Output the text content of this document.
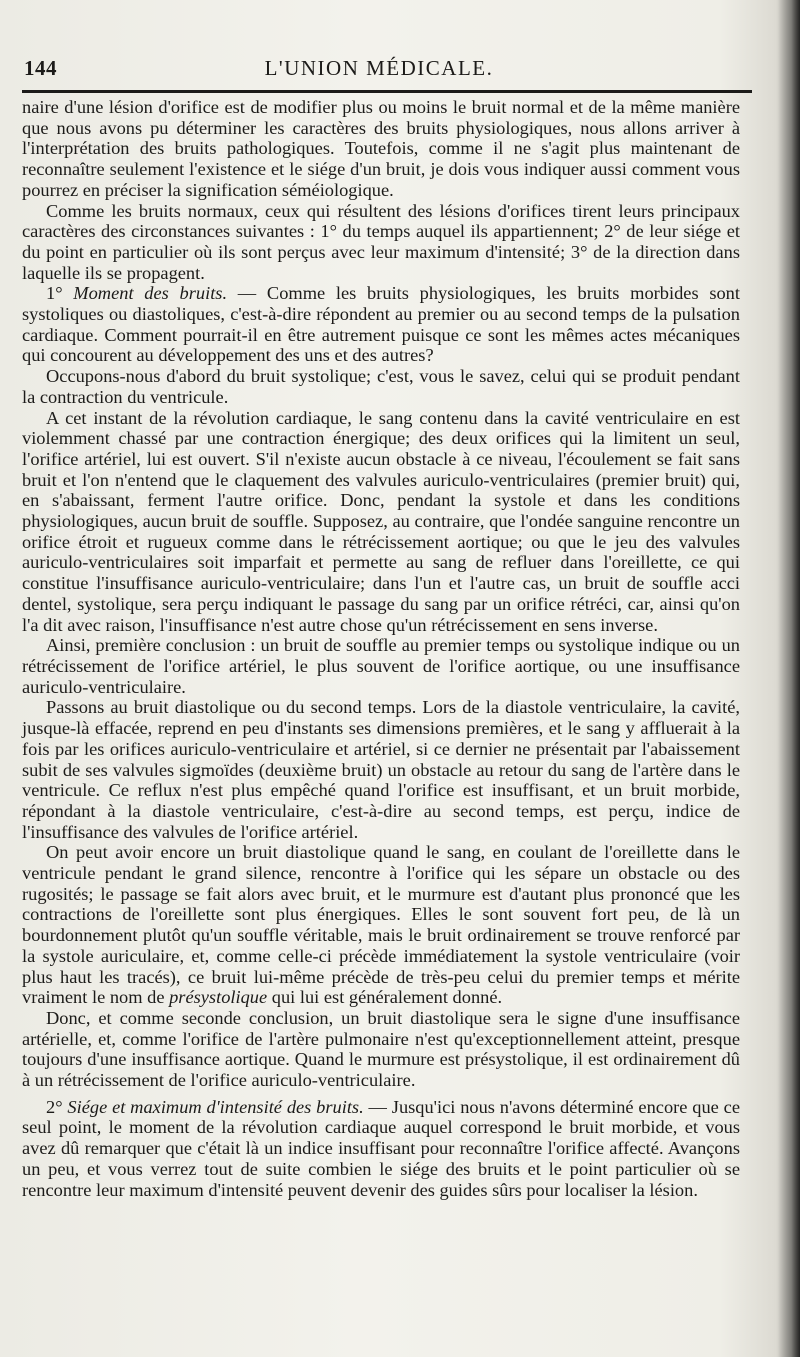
144	L'UNION MÉDICALE.

naire d'une lésion d'orifice est de modifier plus ou moins le bruit normal et de la même manière que nous avons pu déterminer les caractères des bruits physiologiques, nous allons arriver à l'interprétation des bruits pathologiques. Toutefois, comme il ne s'agit plus maintenant de reconnaître seulement l'existence et le siége d'un bruit, je dois vous indiquer aussi comment vous pourrez en préciser la signification séméiologique.

Comme les bruits normaux, ceux qui résultent des lésions d'orifices tirent leurs principaux caractères des circonstances suivantes : 1° du temps auquel ils appartiennent; 2° de leur siége et du point en particulier où ils sont perçus avec leur maximum d'intensité; 3° de la direction dans laquelle ils se propagent.

1° Moment des bruits. — Comme les bruits physiologiques, les bruits morbides sont systoliques ou diastoliques, c'est-à-dire répondent au premier ou au second temps de la pulsation cardiaque. Comment pourrait-il en être autrement puisque ce sont les mêmes actes mécaniques qui concourent au développement des uns et des autres?

Occupons-nous d'abord du bruit systolique; c'est, vous le savez, celui qui se produit pendant la contraction du ventricule.

A cet instant de la révolution cardiaque, le sang contenu dans la cavité ventriculaire en est violemment chassé par une contraction énergique; des deux orifices qui la limitent un seul, l'orifice artériel, lui est ouvert. S'il n'existe aucun obstacle à ce niveau, l'écoulement se fait sans bruit et l'on n'entend que le claquement des valvules auriculo-ventriculaires (premier bruit) qui, en s'abaissant, ferment l'autre orifice. Donc, pendant la systole et dans les conditions physiologiques, aucun bruit de souffle. Supposez, au contraire, que l'ondée sanguine rencontre un orifice étroit et rugueux comme dans le rétrécissement aortique; ou que le jeu des valvules auriculo-ventriculaires soit imparfait et permette au sang de refluer dans l'oreillette, ce qui constitue l'insuffisance auriculo-ventriculaire; dans l'un et l'autre cas, un bruit de souffle acci dentel, systolique, sera perçu indiquant le passage du sang par un orifice rétréci, car, ainsi qu'on l'a dit avec raison, l'insuffisance n'est autre chose qu'un rétrécissement en sens inverse.

Ainsi, première conclusion : un bruit de souffle au premier temps ou systolique indique ou un rétrécissement de l'orifice artériel, le plus souvent de l'orifice aortique, ou une insuffisance auriculo-ventriculaire.

Passons au bruit diastolique ou du second temps. Lors de la diastole ventriculaire, la cavité, jusque-là effacée, reprend en peu d'instants ses dimensions premières, et le sang y affluerait à la fois par les orifices auriculo-ventriculaire et artériel, si ce dernier ne présentait par l'abaissement subit de ses valvules sigmoïdes (deuxième bruit) un obstacle au retour du sang de l'artère dans le ventricule. Ce reflux n'est plus empêché quand l'orifice est insuffisant, et un bruit morbide, répondant à la diastole ventriculaire, c'est-à-dire au second temps, est perçu, indice de l'insuffisance des valvules de l'orifice artériel.

On peut avoir encore un bruit diastolique quand le sang, en coulant de l'oreillette dans le ventricule pendant le grand silence, rencontre à l'orifice qui les sépare un obstacle ou des rugosités; le passage se fait alors avec bruit, et le murmure est d'autant plus prononcé que les contractions de l'oreillette sont plus énergiques. Elles le sont souvent fort peu, de là un bourdonnement plutôt qu'un souffle véritable, mais le bruit ordinairement se trouve renforcé par la systole auriculaire, et, comme celle-ci précède immédiatement la systole ventriculaire (voir plus haut les tracés), ce bruit lui-même précède de très-peu celui du premier temps et mérite vraiment le nom de présystolique qui lui est généralement donné.

Donc, et comme seconde conclusion, un bruit diastolique sera le signe d'une insuffisance artérielle, et, comme l'orifice de l'artère pulmonaire n'est qu'exceptionnellement atteint, presque toujours d'une insuffisance aortique. Quand le murmure est présystolique, il est ordinairement dû à un rétrécissement de l'orifice auriculo-ventriculaire.

2° Siége et maximum d'intensité des bruits. — Jusqu'ici nous n'avons déterminé encore que ce seul point, le moment de la révolution cardiaque auquel correspond le bruit morbide, et vous avez dû remarquer que c'était là un indice insuffisant pour reconnaître l'orifice affecté. Avançons un peu, et vous verrez tout de suite combien le siége des bruits et le point particulier où se rencontre leur maximum d'intensité peuvent devenir des guides sûrs pour localiser la lésion.
